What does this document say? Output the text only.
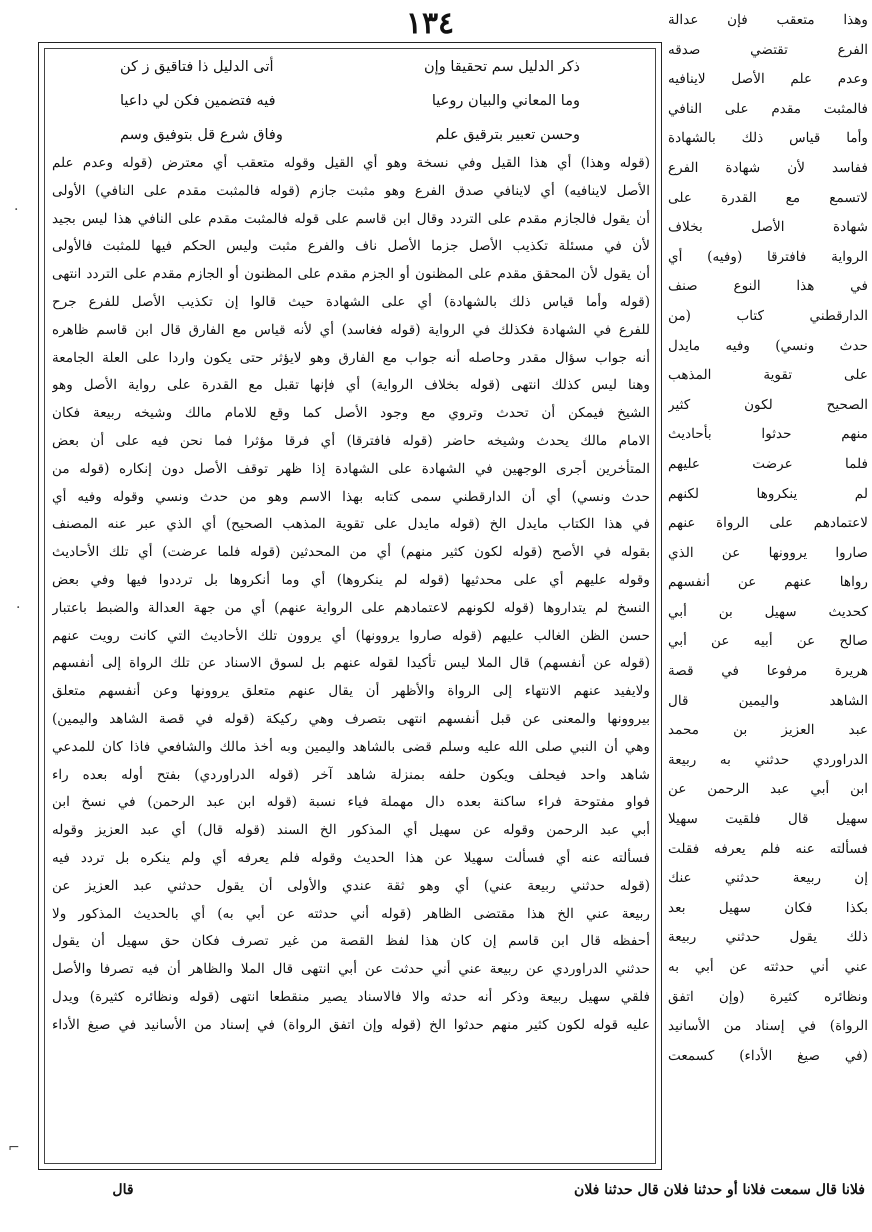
١٣٤
ذكر الدليل سم تحقيقا وإن
أتى الدليل ذا فتاقيق ز كن
وما المعاني والبيان روعيا
فيه فتضمين فكن لي داعيا
وحسن تعبير بترقيق علم
وفاق شرع قل بتوفيق وسم
(قوله وهذا) أي هذا القيل وفي نسخة وهو أي القيل وقوله متعقب أي معترض (قوله وعدم علم
الأصل لاينافيه) أي لاينافي صدق الفرع وهو مثبت جازم (قوله فالمثبت مقدم على النافي) الأولى
أن يقول فالجازم مقدم على التردد وقال ابن قاسم على قوله فالمثبت مقدم على النافي هذا ليس بجيد
لأن في مسئلة تكذيب الأصل جزما الأصل ناف والفرع مثبت وليس الحكم فيها للمثبت فالأولى
أن يقول لأن المحقق مقدم على المظنون أو الجزم مقدم على المظنون أو الجازم مقدم على التردد انتهى
(قوله وأما قياس ذلك بالشهادة) أي على الشهادة حيث قالوا إن تكذيب الأصل للفرع جرح
للفرع في الشهادة فكذلك في الرواية (قوله فغاسد) أي لأنه قياس مع الفارق قال ابن قاسم ظاهره
أنه جواب سؤال مقدر وحاصله أنه جواب مع الفارق وهو لايؤثر حتى يكون واردا على العلة الجامعة
وهنا ليس كذلك انتهى (قوله بخلاف الرواية) أي فإنها تقبل مع القدرة على رواية الأصل وهو
الشيخ فيمكن أن تحدث وتروي مع وجود الأصل كما وقع للامام مالك وشيخه ربيعة فكان
الامام مالك يحدث وشيخه حاضر (قوله فافترقا) أي فرقا مؤثرا فما نحن فيه على أن بعض
المتأخرين أجرى الوجهين في الشهادة على الشهادة إذا ظهر توقف الأصل دون إنكاره (قوله من
حدث ونسي) أي أن الدارقطني سمى كتابه بهذا الاسم وهو من حدث ونسي وقوله وفيه أي
في هذا الكتاب مايدل الخ (قوله مايدل على تقوية المذهب الصحيح) أي الذي عبر عنه المصنف
بقوله في الأصح (قوله لكون كثير منهم) أي من المحدثين (قوله فلما عرضت) أي تلك الأحاديث
وقوله عليهم أي على محدثيها (قوله لم ينكروها) أي وما أنكروها بل ترددوا فيها وفي بعض
النسخ لم يتداروها (قوله لكونهم لاعتمادهم على الرواية عنهم) أي من جهة العدالة والضبط باعتبار
حسن الظن الغالب عليهم (قوله صاروا يروونها) أي يروون تلك الأحاديث التي كانت رويت عنهم
(قوله عن أنفسهم) قال الملا ليس تأكيدا لقوله عنهم بل لسوق الاسناد عن تلك الرواة إلى أنفسهم
ولايفيد عنهم الانتهاء إلى الرواة والأظهر أن يقال عنهم متعلق يروونها وعن أنفسهم متعلق
بيروونها والمعنى عن قبل أنفسهم انتهى بتصرف وهي ركيكة (قوله في قصة الشاهد واليمين)
وهي أن النبي صلى الله عليه وسلم قضى بالشاهد واليمين وبه أخذ مالك والشافعي فاذا كان للمدعي
شاهد واحد فيحلف ويكون حلفه بمنزلة شاهد آخر (قوله الدراوردي) بفتح أوله بعده راء
فواو مفتوحة فراء ساكنة بعده دال مهملة فياء نسبة (قوله ابن عبد الرحمن) في نسخ ابن
أبي عبد الرحمن وقوله عن سهيل أي المذكور الخ السند (قوله قال) أي عبد العزيز وقوله
فسألته عنه أي فسألت سهيلا عن هذا الحديث وقوله فلم يعرفه أي ولم ينكره بل تردد فيه
(قوله حدثني ربيعة عني) أي وهو ثقة عندي والأولى أن يقول حدثني عبد العزيز عن
ربيعة عني الخ هذا مقتضى الظاهر (قوله أني حدثته عن أبي به) أي بالحديث المذكور ولا
أحفظه قال ابن قاسم إن كان هذا لفظ القصة من غير تصرف فكان حق سهيل أن يقول
حدثني الدراوردي عن ربيعة عني أني حدثت عن أبي انتهى قال الملا والظاهر أن فيه تصرفا والأصل
فلقي سهيل ربيعة وذكر أنه حدثه والا فالاسناد يصير منقطعا انتهى (قوله ونظائره كثيرة) ويدل
عليه قوله لكون كثير منهم حدثوا الخ (قوله وإن اتفق الرواة) في إسناد من الأسانيد في صيغ الأداء
وهذا متعقب فإن عدالة
الفرع تقتضي صدقه
وعدم علم الأصل لاينافيه
فالمثبت مقدم على النافي
وأما قياس ذلك بالشهادة
ففاسد لأن شهادة الفرع
لاتسمع مع القدرة على
شهادة الأصل بخلاف
الرواية فافترقا (وفيه) أي
في هذا النوع صنف
الدارقطني كتاب (من
حدث ونسي) وفيه مايدل
على تقوية المذهب
الصحيح لكون كثير
منهم حدثوا بأحاديث
فلما عرضت عليهم
لم ينكروها لكنهم
لاعتمادهم على الرواة عنهم
صاروا يروونها عن الذي
رواها عنهم عن أنفسهم
كحديث سهيل بن أبي
صالح عن أبيه عن أبي
هريرة مرفوعا في قصة
الشاهد واليمين قال
عبد العزيز بن محمد
الدراوردي حدثني به ربيعة
ابن أبي عبد الرحمن عن
سهيل قال فلقيت سهيلا
فسألته عنه فلم يعرفه فقلت
إن ربيعة حدثني عنك
بكذا فكان سهيل بعد
ذلك يقول حدثني ربيعة
عني أني حدثته عن أبي به
ونظائره كثيرة (وإن اتفق
الرواة) في إسناد من الأسانيد
(في صيغ الأداء) كسمعت
فلانا قال سمعت فلانا أو حدثنا فلان قال حدثنا فلان
قال
·
·
⌐
